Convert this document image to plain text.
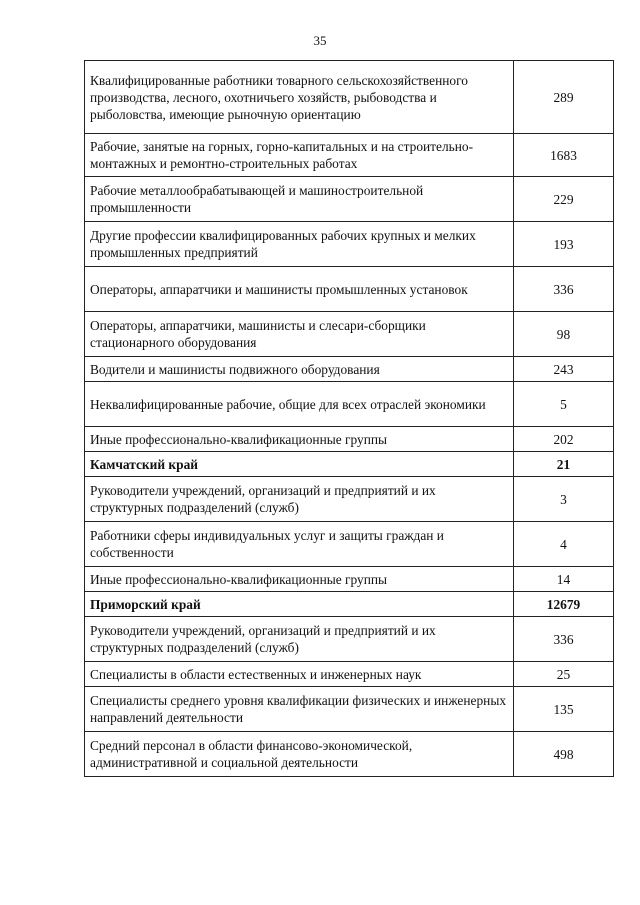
35
Квалифицированные работники товарного сельскохозяйственного производства, лесного, охотничьего хозяйств, рыбоводства и рыболовства, имеющие рыночную ориентацию	289
Рабочие, занятые на горных, горно-капитальных и на строительно-монтажных и ремонтно-строительных работах	1683
Рабочие металлообрабатывающей и машиностроительной промышленности	229
Другие профессии квалифицированных рабочих крупных и мелких промышленных предприятий	193
Операторы, аппаратчики и машинисты промышленных установок	336
Операторы, аппаратчики, машинисты и слесари-сборщики стационарного оборудования	98
Водители и машинисты подвижного оборудования	243
Неквалифицированные рабочие, общие для всех отраслей экономики	5
Иные профессионально-квалификационные группы	202
Камчатский край	21
Руководители учреждений, организаций и предприятий и их структурных подразделений (служб)	3
Работники сферы индивидуальных услуг и защиты граждан и собственности	4
Иные профессионально-квалификационные группы	14
Приморский край	12679
Руководители учреждений, организаций и предприятий и их структурных подразделений (служб)	336
Специалисты в области естественных и инженерных наук	25
Специалисты среднего уровня квалификации физических и инженерных направлений деятельности	135
Средний персонал в области финансово-экономической, административной и социальной деятельности	498
